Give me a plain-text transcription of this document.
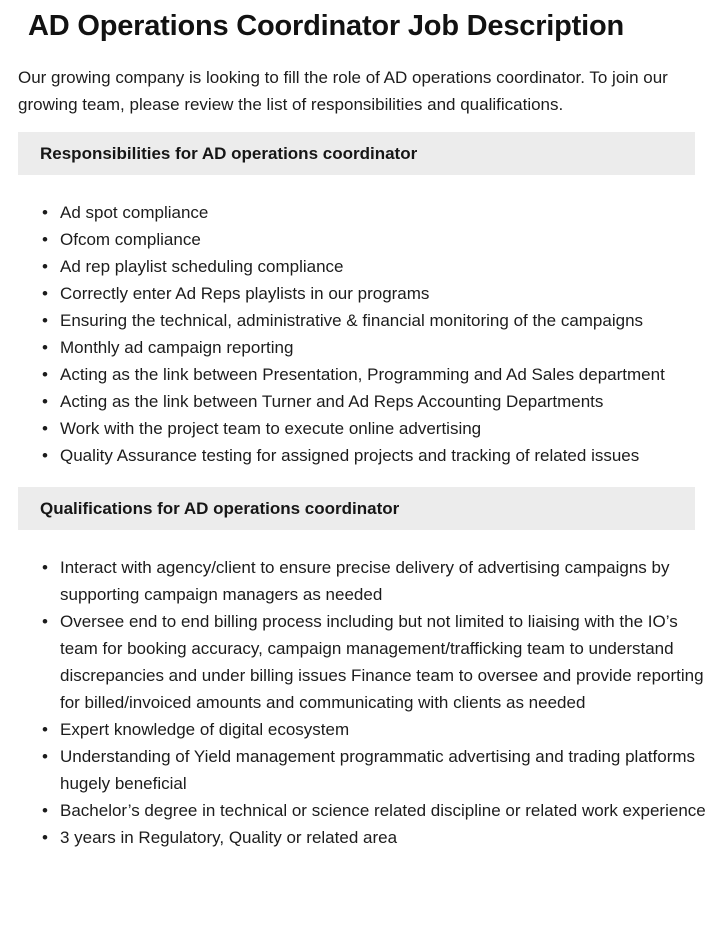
AD Operations Coordinator Job Description

Our growing company is looking to fill the role of AD operations coordinator. To join our growing team, please review the list of responsibilities and qualifications.

Responsibilities for AD operations coordinator
• Ad spot compliance
• Ofcom compliance
• Ad rep playlist scheduling compliance
• Correctly enter Ad Reps playlists in our programs
• Ensuring the technical, administrative & financial monitoring of the campaigns
• Monthly ad campaign reporting
• Acting as the link between Presentation, Programming and Ad Sales department
• Acting as the link between Turner and Ad Reps Accounting Departments
• Work with the project team to execute online advertising
• Quality Assurance testing for assigned projects and tracking of related issues
Qualifications for AD operations coordinator
• Interact with agency/client to ensure precise delivery of advertising campaigns by supporting campaign managers as needed
• Oversee end to end billing process including but not limited to liaising with the IO’s team for booking accuracy, campaign management/trafficking team to understand discrepancies and under billing issues Finance team to oversee and provide reporting for billed/invoiced amounts and communicating with clients as needed
• Expert knowledge of digital ecosystem
• Understanding of Yield management programmatic advertising and trading platforms hugely beneficial
• Bachelor’s degree in technical or science related discipline or related work experience
• 3 years in Regulatory, Quality or related area
